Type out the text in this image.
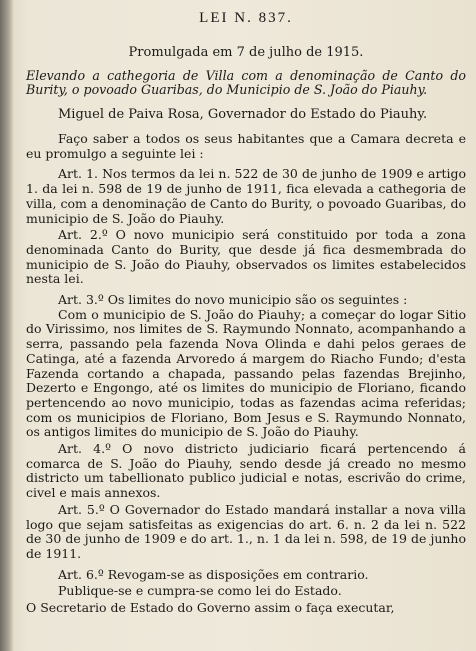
LEI N. 837.
Promulgada em 7 de julho de 1915.
Elevando a cathegoria de Villa com a denominação de Canto do Burity, o povoado Guaribas, do Municipio de S. João do Piauhy.
Miguel de Paiva Rosa, Governador do Estado do Piauhy.

Faço saber a todos os seus habitantes que a Camara decreta e eu promulgo a seguinte lei :

Art. 1. Nos termos da lei n. 522 de 30 de junho de 1909 e artigo 1. da lei n. 598 de 19 de junho de 1911, fica elevada a cathegoria de villa, com a denominação de Canto do Burity, o povoado Guaribas, do municipio de S. João do Piauhy.

Art. 2.º O novo municipio será constituido por toda a zona denominada Canto do Burity, que desde já fica desmembrada do municipio de S. João do Piauhy, observados os limites estabelecidos nesta lei.

Art. 3.º Os limites do novo municipio são os seguintes :

Com o municipio de S. João do Piauhy; a começar do logar Sitio do Virissimo, nos limites de S. Raymundo Nonnato, acompanhando a serra, passando pela fazenda Nova Olinda e dahi pelos geraes de Catinga, até a fazenda Arvoredo á margem do Riacho Fundo; d'esta Fazenda cortando a chapada, passando pelas fazendas Brejinho, Dezerto e Engongo, até os limites do municipio de Floriano, ficando pertencendo ao novo municipio, todas as fazendas acima referidas; com os municipios de Floriano, Bom Jesus e S. Raymundo Nonnato, os antigos limites do municipio de S. João do Piauhy.

Art. 4.º O novo districto judiciario ficará pertencendo á comarca de S. João do Piauhy, sendo desde já creado no mesmo districto um tabellionato publico judicial e notas, escrivão do crime, civel e mais annexos.

Art. 5.º O Governador do Estado mandará installar a nova villa logo que sejam satisfeitas as exigencias do art. 6. n. 2 da lei n. 522 de 30 de junho de 1909 e do art. 1., n. 1 da lei n. 598, de 19 de junho de 1911.

Art. 6.º Revogam-se as disposições em contrario.

Publique-se e cumpra-se como lei do Estado.

O Secretario de Estado do Governo assim o faça executar,
